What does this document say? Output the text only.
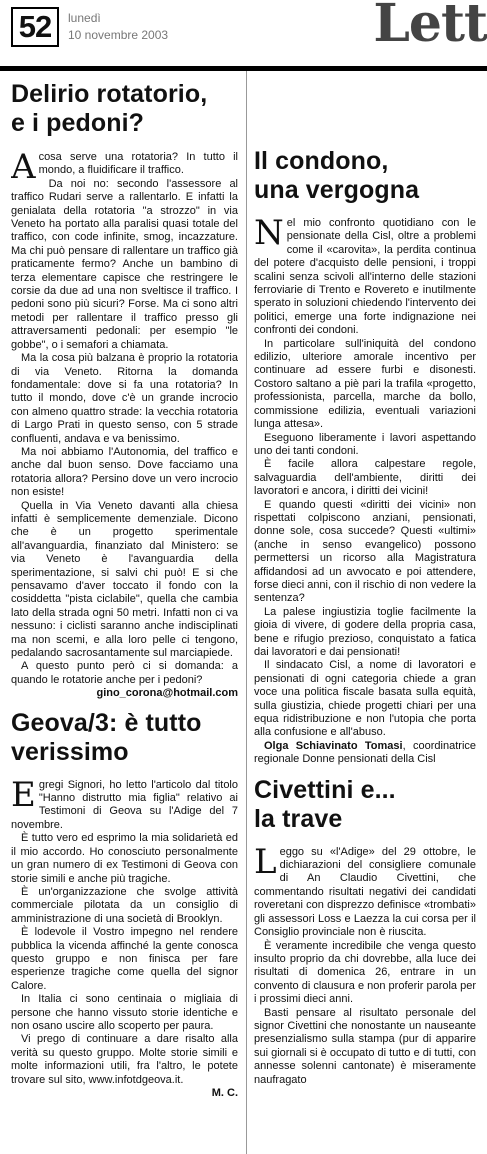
52	lunedì
10 novembre 2003	Lett
Delirio rotatorio,
e i pedoni?

Acosa serve una rotatoria? In tutto il mondo, a fluidificare il traffico.

Da noi no: secondo l'assessore al traffico Rudari serve a rallentarlo. E infatti la genialata della rotatoria "a strozzo" in via Veneto ha portato alla paralisi quasi totale del traffico, con code infinite, smog, incazzature. Ma chi può pensare di rallentare un traffico già praticamente fermo? Anche un bambino di terza elementare capisce che restringere le corsie da due ad una non sveltisce il traffico. I pedoni sono più sicuri? Forse. Ma ci sono altri metodi per rallentare il traffico presso gli attraversamenti pedonali: per esempio "le gobbe", o i semafori a chiamata.

Ma la cosa più balzana è proprio la rotatoria di via Veneto. Ritorna la domanda fondamentale: dove si fa una rotatoria? In tutto il mondo, dove c'è un grande incrocio con almeno quattro strade: la vecchia rotatoria di Largo Prati in questo senso, con 5 strade confluenti, andava e va benissimo.

Ma noi abbiamo l'Autonomia, del traffico e anche dal buon senso. Dove facciamo una rotatoria allora? Persino dove un vero incrocio non esiste!

Quella in Via Veneto davanti alla chiesa infatti è semplicemente demenziale. Dicono che è un progetto sperimentale all'avanguardia, finanziato dal Ministero: se via Veneto è l'avanguardia della sperimentazione, si salvi chi può! E si che pensavamo d'aver toccato il fondo con la cosiddetta "pista ciclabile", quella che cambia lato della strada ogni 50 metri. Infatti non ci va nessuno: i ciclisti saranno anche indisciplinati ma non scemi, e alla loro pelle ci tengono, pedalando sacrosantamente sul marciapiede.

A questo punto però ci si domanda: a quando le rotatorie anche per i pedoni?

gino_corona@hotmail.com
Geova/3: è tutto
verissimo

Egregi Signori, ho letto l'articolo dal titolo "Hanno distrutto mia figlia" relativo ai Testimoni di Geova su l'Adige del 7 novembre.

È tutto vero ed esprimo la mia solidarietà ed il mio accordo. Ho conosciuto personalmente un gran numero di ex Testimoni di Geova con storie simili e anche più tragiche.

È un'organizzazione che svolge attività commerciale pilotata da un consiglio di amministrazione di una società di Brooklyn.

È lodevole il Vostro impegno nel rendere pubblica la vicenda affinché la gente conosca questo gruppo e non finisca per fare esperienze tragiche come quella del signor Calore.

In Italia ci sono centinaia o migliaia di persone che hanno vissuto storie identiche e non osano uscire allo scoperto per paura.

Vi prego di continuare a dare risalto alla verità su questo gruppo. Molte storie simili e molte informazioni utili, fra l'altro, le potete trovare sul sito, www.infotdgeova.it.

M. C.
Il condono,
una vergogna

Nel mio confronto quotidiano con le pensionate della Cisl, oltre a problemi come il «carovita», la perdita continua del potere d'acquisto delle pensioni, i troppi scalini senza scivoli all'interno delle stazioni ferroviarie di Trento e Rovereto e inutilmente sperato in soluzioni chiedendo l'intervento dei politici, emerge una forte indignazione nei confronti dei condoni.

In particolare sull'iniquità del condono edilizio, ulteriore amorale incentivo per continuare ad essere furbi e disonesti. Costoro saltano a piè pari la trafila «progetto, professionista, parcella, marche da bollo, commissione edilizia, eventuali variazioni lunga attesa».

Eseguono liberamente i lavori aspettando uno dei tanti condoni.

È facile allora calpestare regole, salvaguardia dell'ambiente, diritti dei lavoratori e ancora, i diritti dei vicini!

E quando questi «diritti dei vicini» non rispettati colpiscono anziani, pensionati, donne sole, cosa succede? Questi «ultimi» (anche in senso evangelico) possono permettersi un ricorso alla Magistratura affidandosi ad un avvocato e poi attendere, forse dieci anni, con il rischio di non vedere la sentenza?

La palese ingiustizia toglie facilmente la gioia di vivere, di godere della propria casa, bene e rifugio prezioso, conquistato a fatica dai lavoratori e dai pensionati!

Il sindacato Cisl, a nome di lavoratori e pensionati di ogni categoria chiede a gran voce una politica fiscale basata sulla equità, sulla giustizia, chiede progetti chiari per una equa ridistribuzione e non l'utopia che porta alla confusione e all'abuso.

Olga Schiavinato Tomasi, coordinatrice regionale Donne pensionati della Cisl

Civettini e...
la trave

Leggo su «l'Adige» del 29 ottobre, le dichiarazioni del consigliere comunale di An Claudio Civettini, che commentando risultati negativi dei candidati roveretani con disprezzo definisce «trombati» gli assessori Loss e Laezza la cui corsa per il Consiglio provinciale non è riuscita.

È veramente incredibile che venga questo insulto proprio da chi dovrebbe, alla luce dei risultati di domenica 26, entrare in un convento di clausura e non proferir parola per i prossimi dieci anni.

Basti pensare al risultato personale del signor Civettini che nonostante un nauseante presenzialismo sulla stampa (pur di apparire sui giornali si è occupato di tutto e di tutti, con annesse solenni cantonate) è miseramente naufragato
